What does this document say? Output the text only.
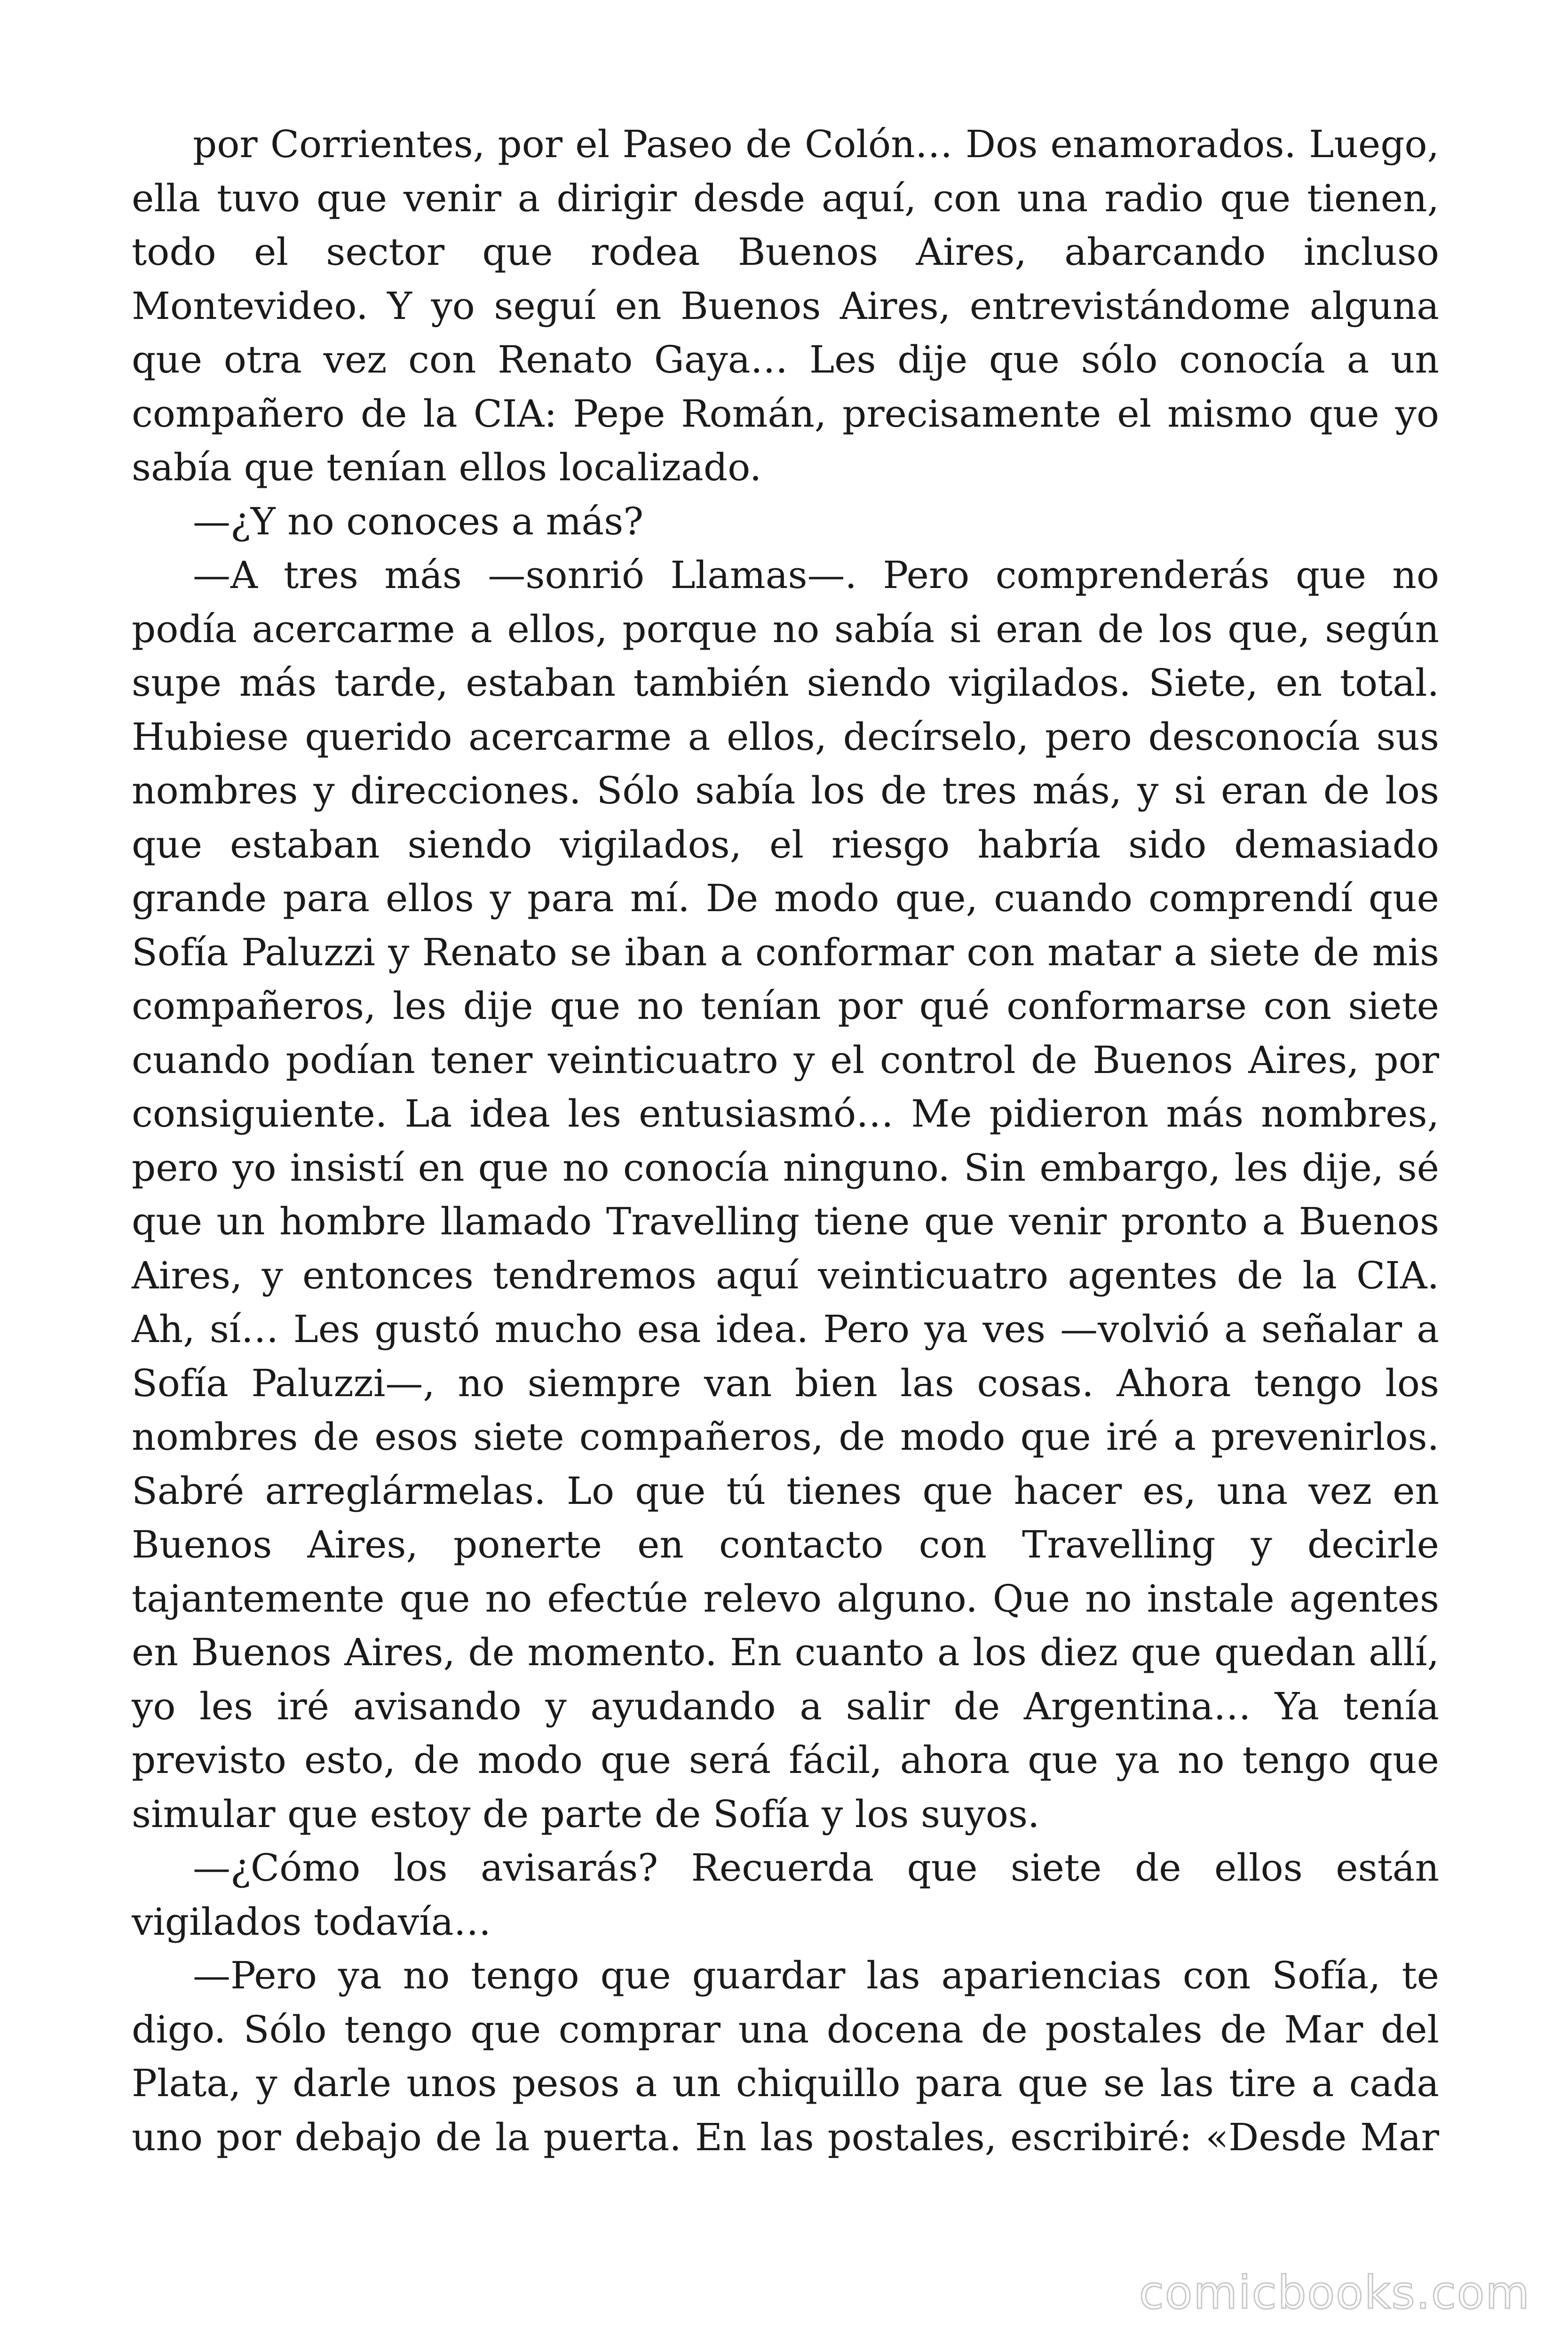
por Corrientes, por el Paseo de Colón… Dos enamorados. Luego, ella tuvo que venir a dirigir desde aquí, con una radio que tienen, todo el sector que rodea Buenos Aires, abarcando incluso Montevideo. Y yo seguí en Buenos Aires, entrevistándome alguna que otra vez con Renato Gaya… Les dije que sólo conocía a un compañero de la CIA: Pepe Román, precisamente el mismo que yo sabía que tenían ellos localizado.

—¿Y no conoces a más?

—A tres más —sonrió Llamas—. Pero comprenderás que no podía acercarme a ellos, porque no sabía si eran de los que, según supe más tarde, estaban también siendo vigilados. Siete, en total. Hubiese querido acercarme a ellos, decírselo, pero desconocía sus nombres y direcciones. Sólo sabía los de tres más, y si eran de los que estaban siendo vigilados, el riesgo habría sido demasiado grande para ellos y para mí. De modo que, cuando comprendí que Sofía Paluzzi y Renato se iban a conformar con matar a siete de mis compañeros, les dije que no tenían por qué conformarse con siete cuando podían tener veinticuatro y el control de Buenos Aires, por consiguiente. La idea les entusiasmó… Me pidieron más nombres, pero yo insistí en que no conocía ninguno. Sin embargo, les dije, sé que un hombre llamado Travelling tiene que venir pronto a Buenos Aires, y entonces tendremos aquí veinticuatro agentes de la CIA. Ah, sí… Les gustó mucho esa idea. Pero ya ves —volvió a señalar a Sofía Paluzzi—, no siempre van bien las cosas. Ahora tengo los nombres de esos siete compañeros, de modo que iré a prevenirlos. Sabré arreglármelas. Lo que tú tienes que hacer es, una vez en Buenos Aires, ponerte en contacto con Travelling y decirle tajantemente que no efectúe relevo alguno. Que no instale agentes en Buenos Aires, de momento. En cuanto a los diez que quedan allí, yo les iré avisando y ayudando a salir de Argentina… Ya tenía previsto esto, de modo que será fácil, ahora que ya no tengo que simular que estoy de parte de Sofía y los suyos.

—¿Cómo los avisarás? Recuerda que siete de ellos están vigilados todavía…

—Pero ya no tengo que guardar las apariencias con Sofía, te digo. Sólo tengo que comprar una docena de postales de Mar del Plata, y darle unos pesos a un chiquillo para que se las tire a cada uno por debajo de la puerta. En las postales, escribiré: «Desde Mar

comicbooks.com
